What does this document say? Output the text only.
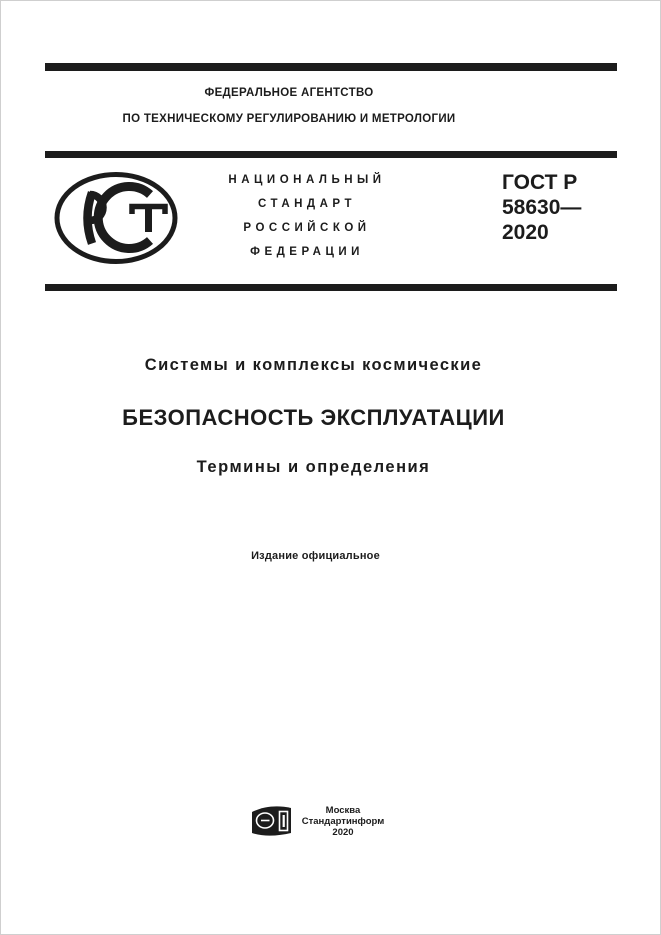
ФЕДЕРАЛЬНОЕ АГЕНТСТВО
ПО ТЕХНИЧЕСКОМУ РЕГУЛИРОВАНИЮ И МЕТРОЛОГИИ
НАЦИОНАЛЬНЫЙ
СТАНДАРТ
РОССИЙСКОЙ
ФЕДЕРАЦИИ
ГОСТ Р
58630—
2020
Системы и комплексы космические
БЕЗОПАСНОСТЬ ЭКСПЛУАТАЦИИ
Термины и определения
Издание официальное
Москва
Стандартинформ
2020
